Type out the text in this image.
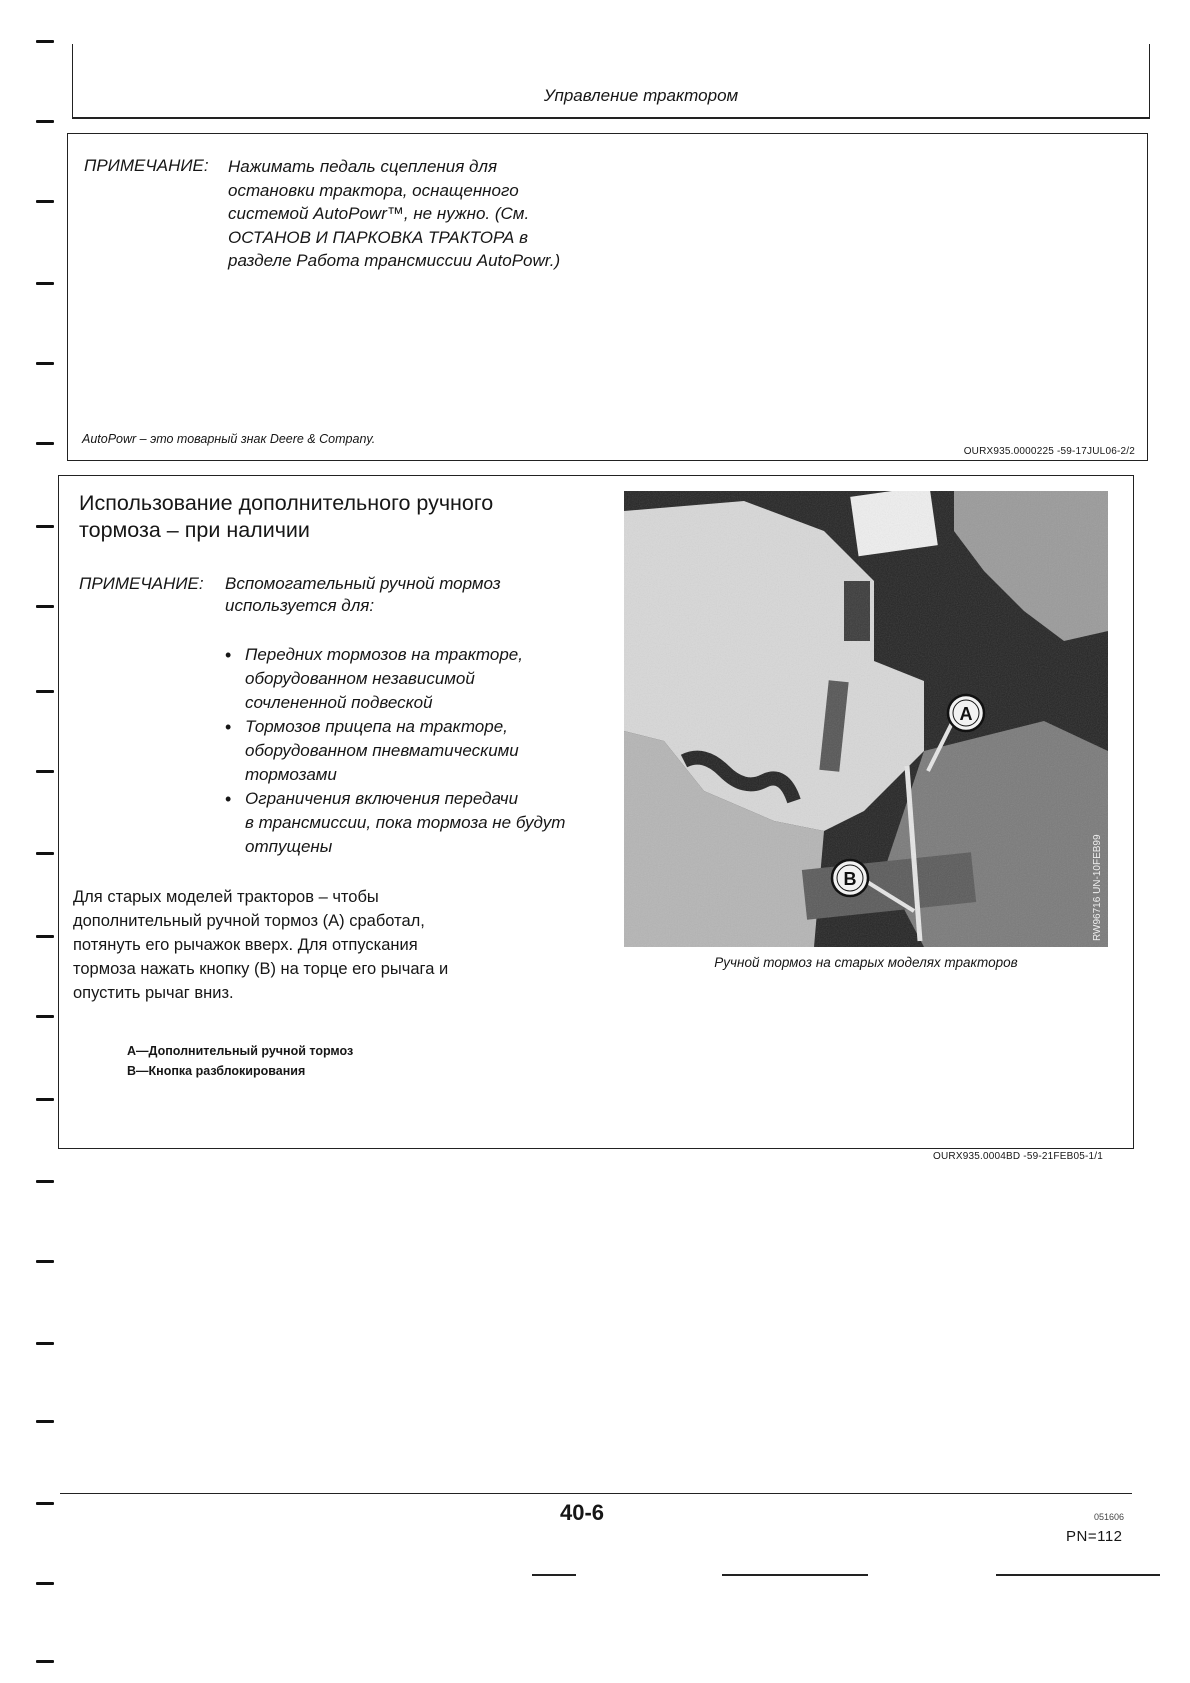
Управление трактором
ПРИМЕЧАНИЕ: Нажимать педаль сцепления для
остановки трактора, оснащенного
системой AutoPowr™, не нужно. (См.
ОСТАНОВ И ПАРКОВКА ТРАКТОРА в
разделе Работа трансмиссии AutoPowr.)
AutoPowr – это товарный знак Deere & Company.
OURX935.0000225 -59-17JUL06-2/2
Использование дополнительного ручного
тормоза – при наличии
ПРИМЕЧАНИЕ: Вспомогательный ручной тормоз
используется для:
• Передних тормозов на тракторе,
оборудованном независимой
сочлененной подвеской
• Тормозов прицепа на тракторе,
оборудованном пневматическими
тормозами
• Ограничения включения передачи
в трансмиссии, пока тормоза не будут
отпущены
Для старых моделей тракторов – чтобы
дополнительный ручной тормоз (A) сработал,
потянуть его рычажок вверх. Для отпускания
тормоза нажать кнопку (B) на торце его рычага и
опустить рычаг вниз.
A—Дополнительный ручной тормоз
B—Кнопка разблокирования
A
B	RW96716 UN-10FEB99
Ручной тормоз на старых моделях тракторов
OURX935.0004BD -59-21FEB05-1/1
40-6	051606
PN=112
